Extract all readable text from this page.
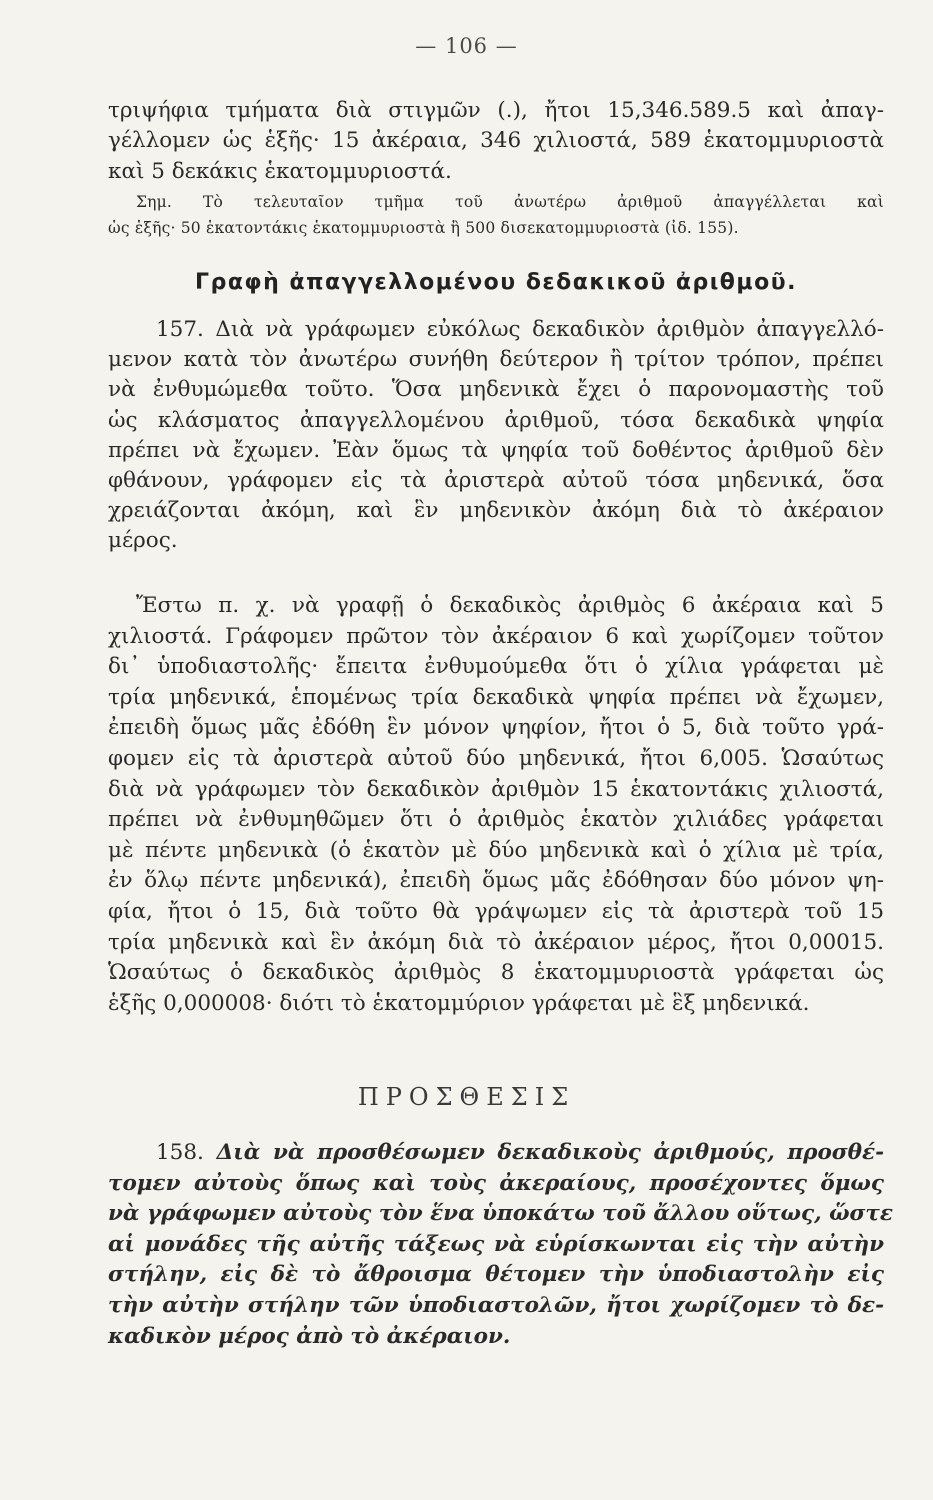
— 106 —
τριψήφια τμήματα διὰ στιγμῶν (.), ἤτοι 15,346.589.5 καὶ ἀπαγ-
γέλλομεν ὡς ἑξῆς· 15 ἀκέραια, 346 χιλιοστά, 589 ἑκατομμυριοστὰ
καὶ 5 δεκάκις ἑκατομμυριοστά.
Σημ. Τὸ τελευταῖον τμῆμα τοῦ ἀνωτέρω ἀριθμοῦ ἀπαγγέλλεται καὶ
ὡς ἑξῆς· 50 ἑκατοντάκις ἑκατομμυριοστὰ ἢ 500 δισεκατομμυριοστὰ (ἰδ. 155).
Γραφὴ ἀπαγγελλομένου δεδακικοῦ ἀριθμοῦ.
157. Διὰ νὰ γράφωμεν εὐκόλως δεκαδικὸν ἀριθμὸν ἀπαγγελλό-
μενον κατὰ τὸν ἀνωτέρω συνήθη δεύτερον ἢ τρίτον τρόπον, πρέπει
νὰ ἐνθυμώμεθα τοῦτο. Ὅσα μηδενικὰ ἔχει ὁ παρονομαστὴς τοῦ
ὡς κλάσματος ἀπαγγελλομένου ἀριθμοῦ, τόσα δεκαδικὰ ψηφία
πρέπει νὰ ἔχωμεν. Ἐὰν ὅμως τὰ ψηφία τοῦ δοθέντος ἀριθμοῦ δὲν
φθάνουν, γράφομεν εἰς τὰ ἀριστερὰ αὐτοῦ τόσα μηδενικά, ὅσα
χρειάζονται ἀκόμη, καὶ ἓν μηδενικὸν ἀκόμη διὰ τὸ ἀκέραιον
μέρος.
Ἔστω π. χ. νὰ γραφῇ ὁ δεκαδικὸς ἀριθμὸς 6 ἀκέραια καὶ 5
χιλιοστά. Γράφομεν πρῶτον τὸν ἀκέραιον 6 καὶ χωρίζομεν τοῦτον
δι᾿ ὑποδιαστολῆς· ἔπειτα ἐνθυμούμεθα ὅτι ὁ χίλια γράφεται μὲ
τρία μηδενικά, ἑπομένως τρία δεκαδικὰ ψηφία πρέπει νὰ ἔχωμεν,
ἐπειδὴ ὅμως μᾶς ἐδόθη ἓν μόνον ψηφίον, ἤτοι ὁ 5, διὰ τοῦτο γρά-
φομεν εἰς τὰ ἀριστερὰ αὐτοῦ δύο μηδενικά, ἤτοι 6,005. Ὡσαύτως
διὰ νὰ γράφωμεν τὸν δεκαδικὸν ἀριθμὸν 15 ἑκατοντάκις χιλιοστά,
πρέπει νὰ ἐνθυμηθῶμεν ὅτι ὁ ἀριθμὸς ἑκατὸν χιλιάδες γράφεται
μὲ πέντε μηδενικὰ (ὁ ἑκατὸν μὲ δύο μηδενικὰ καὶ ὁ χίλια μὲ τρία,
ἐν ὅλῳ πέντε μηδενικά), ἐπειδὴ ὅμως μᾶς ἐδόθησαν δύο μόνον ψη-
φία, ἤτοι ὁ 15, διὰ τοῦτο θὰ γράψωμεν εἰς τὰ ἀριστερὰ τοῦ 15
τρία μηδενικὰ καὶ ἓν ἀκόμη διὰ τὸ ἀκέραιον μέρος, ἤτοι 0,00015.
Ὡσαύτως ὁ δεκαδικὸς ἀριθμὸς 8 ἑκατομμυριοστὰ γράφεται ὡς
ἑξῆς 0,000008· διότι τὸ ἑκατομμύριον γράφεται μὲ ἓξ μηδενικά.
ΠΡΟΣΘΕΣΙΣ
158. Διὰ νὰ προσθέσωμεν δεκαδικοὺς ἀριθμούς, προσθέ-
τομεν αὐτοὺς ὅπως καὶ τοὺς ἀκεραίους, προσέχοντες ὅμως
νὰ γράφωμεν αὐτοὺς τὸν ἕνα ὑποκάτω τοῦ ἄλλου οὕτως, ὥστε
αἱ μονάδες τῆς αὐτῆς τάξεως νὰ εὑρίσκωνται εἰς τὴν αὐτὴν
στήλην, εἰς δὲ τὸ ἄθροισμα θέτομεν τὴν ὑποδιαστολὴν εἰς
τὴν αὐτὴν στήλην τῶν ὑποδιαστολῶν, ἤτοι χωρίζομεν τὸ δε-
καδικὸν μέρος ἀπὸ τὸ ἀκέραιον.
